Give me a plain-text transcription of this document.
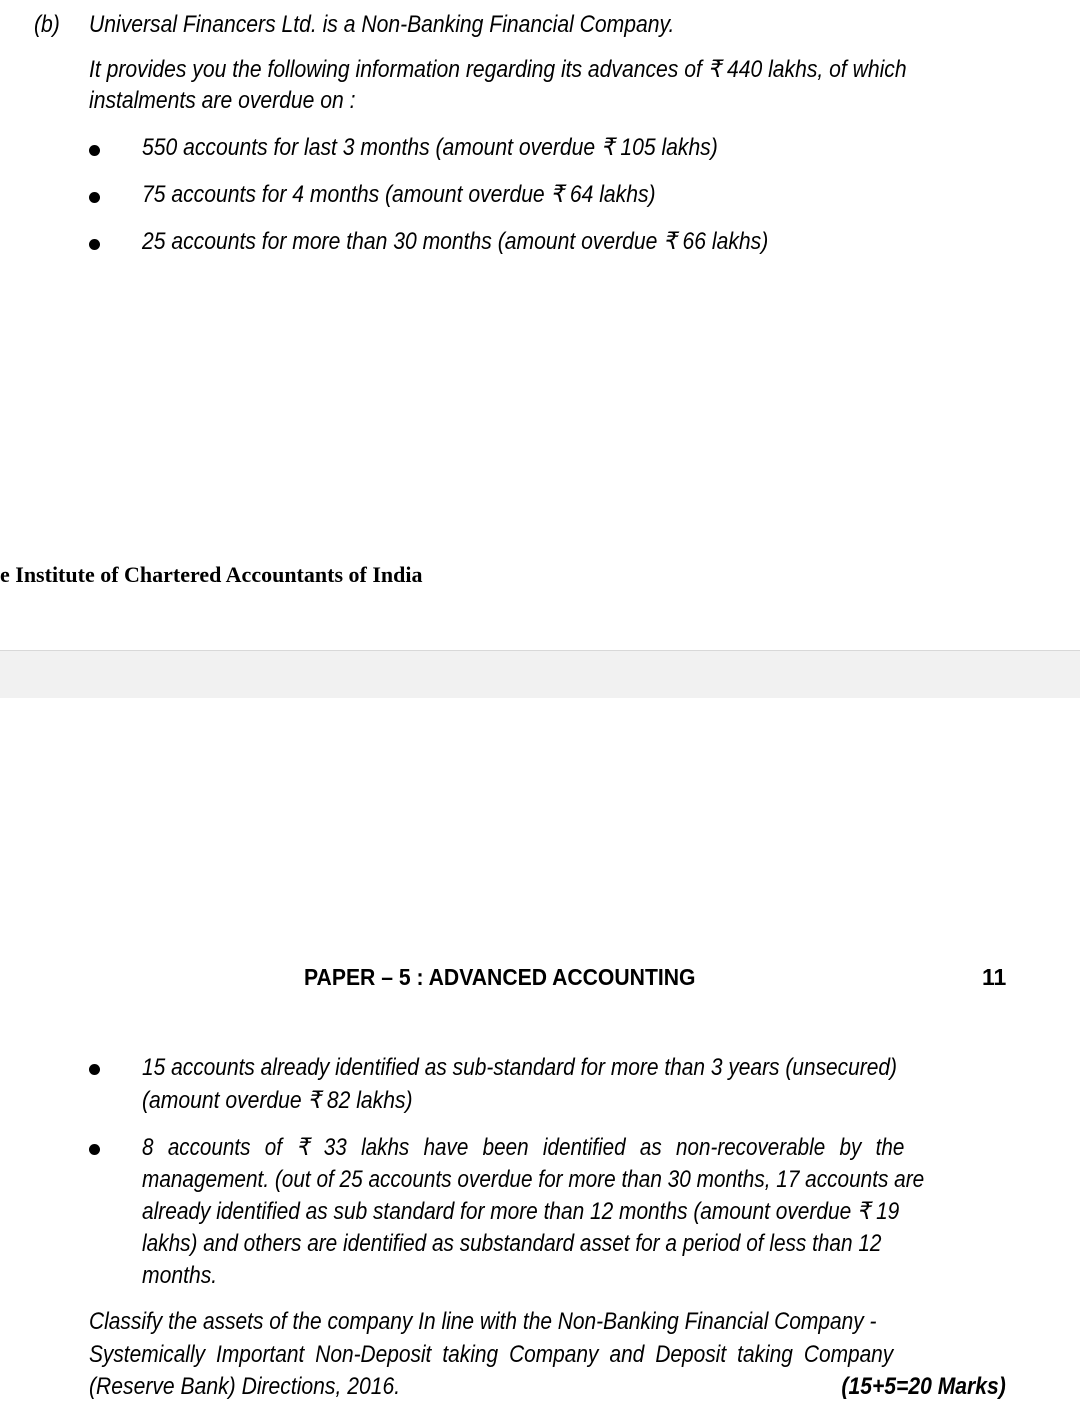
(b) Universal Financers Ltd. is a Non-Banking Financial Company.
It provides you the following information regarding its advances of ₹ 440 lakhs, of which
instalments are overdue on :
550 accounts for last 3 months (amount overdue ₹ 105 lakhs)
75 accounts for 4 months (amount overdue ₹ 64 lakhs)
25 accounts for more than 30 months (amount overdue ₹ 66 lakhs)
e Institute of Chartered Accountants of India
PAPER – 5 : ADVANCED ACCOUNTING	11
15 accounts already identified as sub-standard for more than 3 years (unsecured)
(amount overdue ₹ 82 lakhs)
8 accounts of ₹ 33 lakhs have been identified as non-recoverable by the
management. (out of 25 accounts overdue for more than 30 months, 17 accounts are
already identified as sub standard for more than 12 months (amount overdue ₹ 19
lakhs) and others are identified as substandard asset for a period of less than 12
months.
Classify the assets of the company In line with the Non-Banking Financial Company -
Systemically Important Non-Deposit taking Company and Deposit taking Company
(Reserve Bank) Directions, 2016.	(15+5=20 Marks)
